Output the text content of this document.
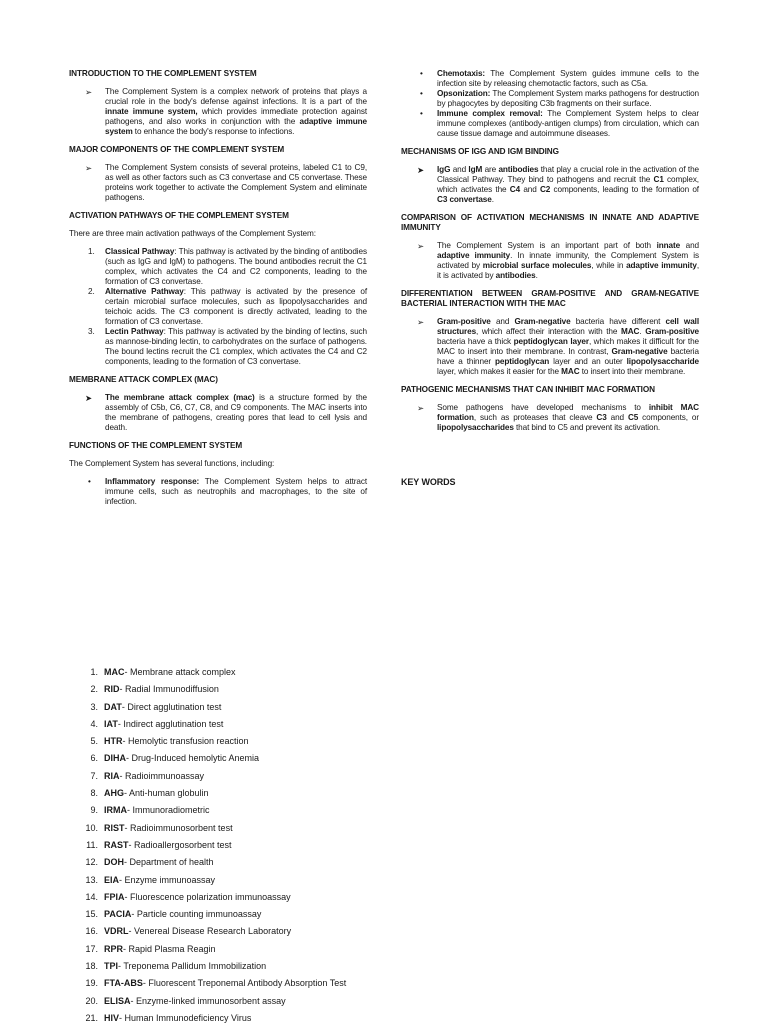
INTRODUCTION TO THE COMPLEMENT SYSTEM

➢ The Complement System is a complex network of proteins that plays a crucial role in the body's defense against infections. It is a part of the innate immune system, which provides immediate protection against pathogens, and also works in conjunction with the adaptive immune system to enhance the body's response to infections.

MAJOR COMPONENTS OF THE COMPLEMENT SYSTEM

➢ The Complement System consists of several proteins, labeled C1 to C9, as well as other factors such as C3 convertase and C5 convertase. These proteins work together to activate the Complement System and eliminate pathogens.

ACTIVATION PATHWAYS OF THE COMPLEMENT SYSTEM

There are three main activation pathways of the Complement System:

1. Classical Pathway: This pathway is activated by the binding of antibodies (such as IgG and IgM) to pathogens. The bound antibodies recruit the C1 complex, which activates the C4 and C2 components, leading to the formation of C3 convertase.
2. Alternative Pathway: This pathway is activated by the presence of certain microbial surface molecules, such as lipopolysaccharides and teichoic acids. The C3 component is directly activated, leading to the formation of C3 convertase.
3. Lectin Pathway: This pathway is activated by the binding of lectins, such as mannose-binding lectin, to carbohydrates on the surface of pathogens. The bound lectins recruit the C1 complex, which activates the C4 and C2 components, leading to the formation of C3 convertase.

MEMBRANE ATTACK COMPLEX (MAC)

➤ The membrane attack complex (mac) is a structure formed by the assembly of C5b, C6, C7, C8, and C9 components. The MAC inserts into the membrane of pathogens, creating pores that lead to cell lysis and death.

FUNCTIONS OF THE COMPLEMENT SYSTEM

The Complement System has several functions, including:

• Inflammatory response: The Complement System helps to attract immune cells, such as neutrophils and macrophages, to the site of infection.
• Chemotaxis: The Complement System guides immune cells to the infection site by releasing chemotactic factors, such as C5a.
• Opsonization: The Complement System marks pathogens for destruction by phagocytes by depositing C3b fragments on their surface.
• Immune complex removal: The Complement System helps to clear immune complexes (antibody-antigen clumps) from circulation, which can cause tissue damage and autoimmune diseases.

MECHANISMS OF IGG AND IGM BINDING

➤ IgG and IgM are antibodies that play a crucial role in the activation of the Classical Pathway. They bind to pathogens and recruit the C1 complex, which activates the C4 and C2 components, leading to the formation of C3 convertase.

COMPARISON OF ACTIVATION MECHANISMS IN INNATE AND ADAPTIVE IMMUNITY

➢ The Complement System is an important part of both innate and adaptive immunity. In innate immunity, the Complement System is activated by microbial surface molecules, while in adaptive immunity, it is activated by antibodies.

DIFFERENTIATION BETWEEN GRAM-POSITIVE AND GRAM-NEGATIVE BACTERIAL INTERACTION WITH THE MAC

➢ Gram-positive and Gram-negative bacteria have different cell wall structures, which affect their interaction with the MAC. Gram-positive bacteria have a thick peptidoglycan layer, which makes it difficult for the MAC to insert into their membrane. In contrast, Gram-negative bacteria have a thinner peptidoglycan layer and an outer lipopolysaccharide layer, which makes it easier for the MAC to insert into their membrane.

PATHOGENIC MECHANISMS THAT CAN INHIBIT MAC FORMATION

➢ Some pathogens have developed mechanisms to inhibit MAC formation, such as proteases that cleave C3 and C5 components, or lipopolysaccharides that bind to C5 and prevent its activation.

KEY WORDS

1. MAC- Membrane attack complex
2. RID- Radial Immunodiffusion
3. DAT- Direct agglutination test
4. IAT- Indirect agglutination test
5. HTR- Hemolytic transfusion reaction
6. DIHA- Drug-Induced hemolytic Anemia
7. RIA- Radioimmunoassay
8. AHG- Anti-human globulin
9. IRMA- Immunoradiometric
10. RIST- Radioimmunosorbent test
11. RAST- Radioallergosorbent test
12. DOH- Department of health
13. EIA- Enzyme immunoassay
14. FPIA- Fluorescence polarization immunoassay
15. PACIA- Particle counting immunoassay
16. VDRL- Venereal Disease Research Laboratory
17. RPR- Rapid Plasma Reagin
18. TPI- Treponema Pallidum Immobilization
19. FTA-ABS- Fluorescent Treponemal Antibody Absorption Test
20. ELISA- Enzyme-linked immunosorbent assay
21. HIV- Human Immunodeficiency Virus
